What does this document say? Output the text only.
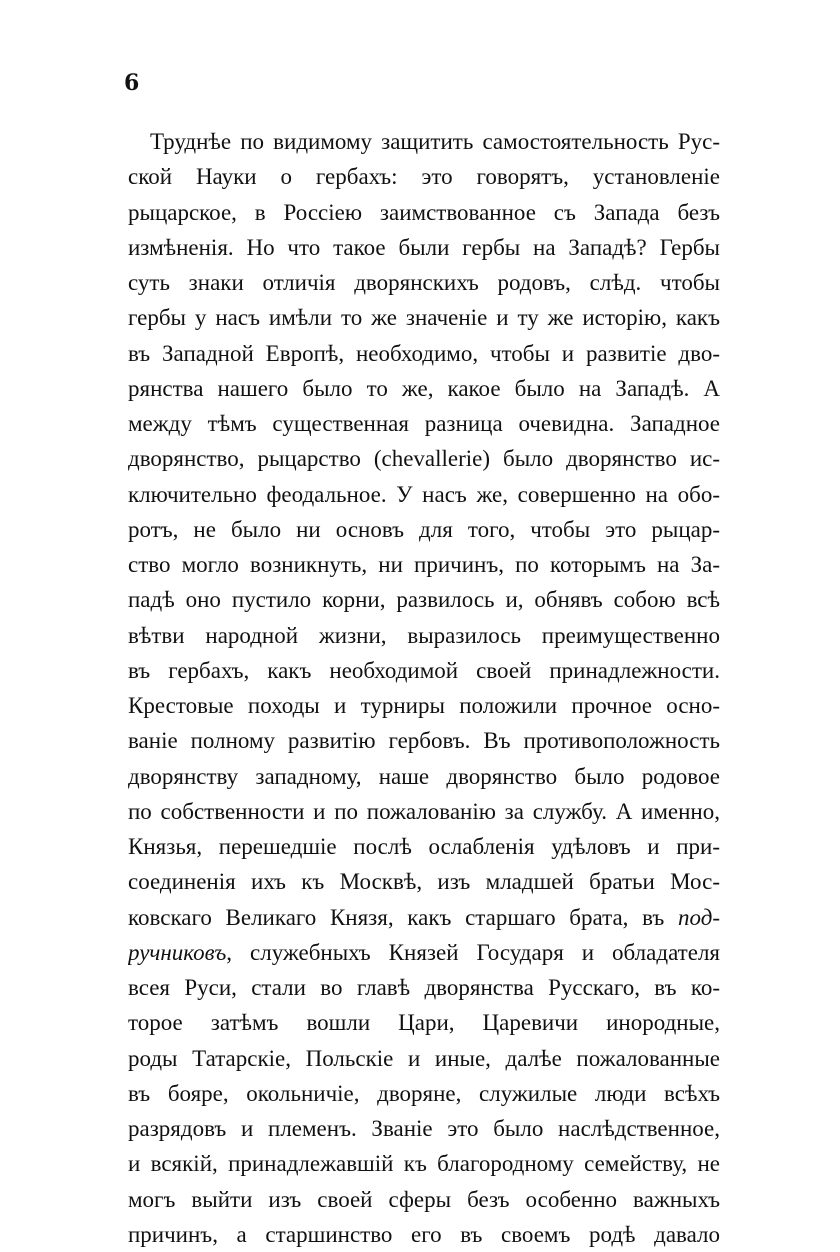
6
Труднѣе по видимому защитить самостоятельность Рус-
ской Науки о гербахъ: это говорятъ, установленіе
рыцарское, в Россіею заимствованное съ Запада безъ
измѣненія. Но что такое были гербы на Западѣ? Гербы
суть знаки отличія дворянскихъ родовъ, слѣд. чтобы
гербы у насъ имѣли то же значеніе и ту же исторію, какъ
въ Западной Европѣ, необходимо, чтобы и развитіе дво-
рянства нашего было то же, какое было на Западѣ. А
между тѣмъ существенная разница очевидна. Западное
дворянство, рыцарство (chevallerie) было дворянство ис-
ключительно феодальное. У насъ же, совершенно на обо-
ротъ, не было ни основъ для того, чтобы это рыцар-
ство могло возникнуть, ни причинъ, по которымъ на За-
падѣ оно пустило корни, развилось и, обнявъ собою всѣ
вѣтви народной жизни, выразилось преимущественно
въ гербахъ, какъ необходимой своей принадлежности.
Крестовые походы и турниры положили прочное осно-
ваніе полному развитію гербовъ. Въ противоположность
дворянству западному, наше дворянство было родовое
по собственности и по пожалованію за службу. А именно,
Князья, перешедшіе послѣ ослабленія удѣловъ и при-
соединенія ихъ къ Москвѣ, изъ младшей братьи Мос-
ковскаго Великаго Князя, какъ старшаго брата, въ под-
ручниковъ, служебныхъ Князей Государя и обладателя
всея Руси, стали во главѣ дворянства Русскаго, въ ко-
торое затѣмъ вошли Цари, Царевичи инородные,
роды Татарскіе, Польскіе и иные, далѣе пожалованные
въ бояре, окольничіе, дворяне, служилые люди всѣхъ
разрядовъ и племенъ. Званіе это было наслѣдственное,
и всякій, принадлежавшій къ благородному семейству, не
могъ выйти изъ своей сферы безъ особенно важныхъ
причинъ, а старшинство его въ своемъ родѣ давало
